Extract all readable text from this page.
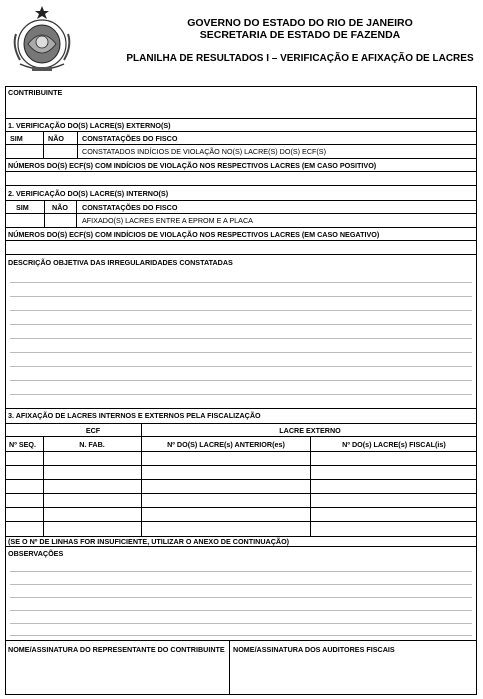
GOVERNO DO ESTADO DO RIO DE JANEIRO
SECRETARIA DE ESTADO DE FAZENDA
PLANILHA DE RESULTADOS I – VERIFICAÇÃO E AFIXAÇÃO DE LACRES
CONTRIBUINTE
1. VERIFICAÇÃO DO(S) LACRE(S) EXTERNO(S)
SIM	NÃO	CONSTATAÇÕES DO FISCO
CONSTATADOS INDÍCIOS DE VIOLAÇÃO NO(S) LACRE(S) DO(S) ECF(S)
NÚMEROS DO(S) ECF(S) COM INDÍCIOS DE VIOLAÇÃO NOS RESPECTIVOS LACRES (EM CASO POSITIVO)
2. VERIFICAÇÃO DO(S) LACRE(S) INTERNO(S)
SIM	NÃO CONSTATAÇÕES DO FISCO
AFIXADO(S) LACRES ENTRE A EPROM E A PLACA
NÚMEROS DO(S) ECF(S) COM INDÍCIOS DE VIOLAÇÃO NOS RESPECTIVOS LACRES (EM CASO NEGATIVO)
DESCRIÇÃO OBJETIVA DAS IRREGULARIDADES CONSTATADAS
3. AFIXAÇÃO DE LACRES INTERNOS E EXTERNOS PELA FISCALIZAÇÃO
ECF	LACRE EXTERNO
Nº SEQ.	N. FAB.	Nº DO(S) LACRE(s) ANTERIOR(es)	Nº DO(s) LACRE(s) FISCAL(is)
(SE O Nº DE LINHAS FOR INSUFICIENTE, UTILIZAR O ANEXO DE CONTINUAÇÃO)
OBSERVAÇÕES
NOME/ASSINATURA DO REPRESENTANTE DO CONTRIBUINTE NOME/ASSINATURA DOS AUDITORES FISCAIS
